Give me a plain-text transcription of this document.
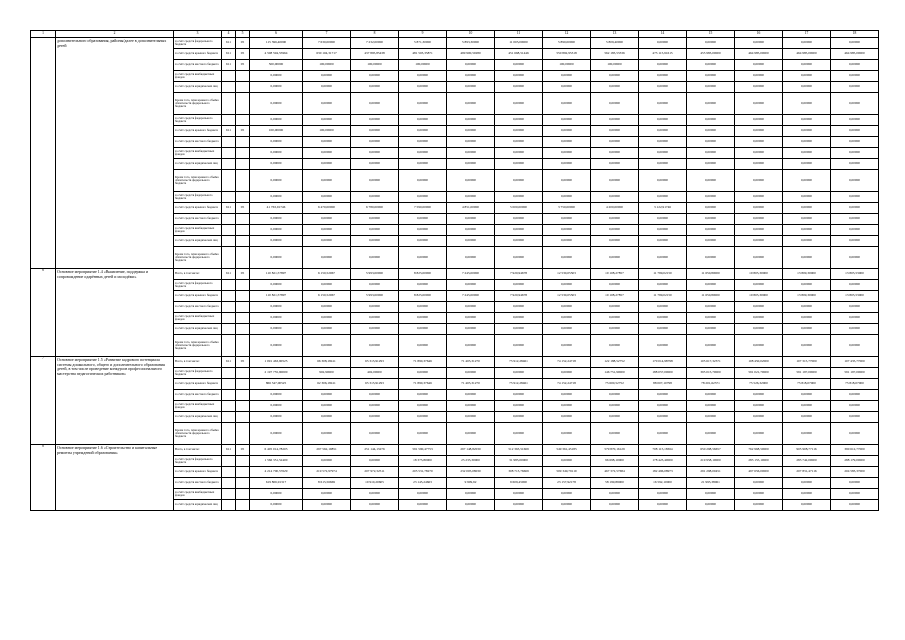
1	2	3	4	5	6	7	8	9	10	11	12	13	14	15	16	17	18
	дополнительного образования, районы/далее в дополнительных детей	за счёт средств федерального бюджета	611	05	115 396,40000	7 630,00000	7 232,00000	5 871,30000	5 893,30000	11 003,00000	5 890,00000	5 809,40000	0,00000	0,00000	0,00000	0,00000	0,00000
		за счёт средств краевого бюджета	611	05	4 508 594,55964	630 104,31717	437 895,85438	481 503,35871	499 900,50280	451 668,51446	550 892,95318	562 183,53336	473 115,91615	455 983,00000	464 985,00000	464 985,00000	464 985,00000
		за счёт средств местного бюджета	611	05	500,00000	100,00000	100,00000	100,00000	0,00000	0,00000	100,00000	100,00000	0,00000	0,00000	0,00000	0,00000	0,00000
		за счёт средств внебюджетных фондов			0,00000	0,00000	0,00000	0,00000	0,00000	0,00000	0,00000	0,00000	0,00000	0,00000	0,00000	0,00000	0,00000
		за счёт средств юридических лиц			0,00000	0,00000	0,00000	0,00000	0,00000	0,00000	0,00000	0,00000	0,00000	0,00000	0,00000	0,00000	0,00000
		Кроме того, план краевого объёма обязательств федерального бюджета			0,00000	0,00000	0,00000	0,00000	0,00000	0,00000	0,00000	0,00000	0,00000	0,00000	0,00000	0,00000	0,00000
		за счёт средств федерального бюджета			0,00000	0,00000	0,00000	0,00000	0,00000	0,00000	0,00000	0,00000	0,00000	0,00000	0,00000	0,00000	0,00000
		за счёт средств краевого бюджета	611	05	100,00000	100,00000	0,00000	0,00000	0,00000	0,00000	0,00000	0,00000	0,00000	0,00000	0,00000	0,00000	0,00000
		за счёт средств местного бюджета			0,00000	0,00000	0,00000	0,00000	0,00000	0,00000	0,00000	0,00000	0,00000	0,00000	0,00000	0,00000	0,00000
		за счёт средств внебюджетных фондов			0,00000	0,00000	0,00000	0,00000	0,00000	0,00000	0,00000	0,00000	0,00000	0,00000	0,00000	0,00000	0,00000
		за счёт средств юридических лиц			0,00000	0,00000	0,00000	0,00000	0,00000	0,00000	0,00000	0,00000	0,00000	0,00000	0,00000	0,00000	0,00000
		Кроме того, план краевого объёма обязательств федерального бюджета			0,00000	0,00000	0,00000	0,00000	0,00000	0,00000	0,00000	0,00000	0,00000	0,00000	0,00000	0,00000	0,00000
		за счёт средств федерального бюджета			0,00000	0,00000	0,00000	0,00000	0,00000	0,00000	0,00000	0,00000	0,00000	0,00000	0,00000	0,00000	0,00000
		за счёт средств краевого бюджета	611	05	41 763,91746	6 470,00000	6 780,00000	7 590,00000	4 851,00000	5 000,00000	3 750,00000	4 200,00000	3 122,91746	0,00000	0,00000	0,00000	0,00000
		за счёт средств местного бюджета			0,00000	0,00000	0,00000	0,00000	0,00000	0,00000	0,00000	0,00000	0,00000	0,00000	0,00000	0,00000	0,00000
		за счёт средств внебюджетных фондов			0,00000	0,00000	0,00000	0,00000	0,00000	0,00000	0,00000	0,00000	0,00000	0,00000	0,00000	0,00000	0,00000
		за счёт средств юридических лиц			0,00000	0,00000	0,00000	0,00000	0,00000	0,00000	0,00000	0,00000	0,00000	0,00000	0,00000	0,00000	0,00000
		Кроме того, план краевого объёма обязательств федерального бюджета			0,00000	0,00000	0,00000	0,00000	0,00000	0,00000	0,00000	0,00000	0,00000	0,00000	0,00000	0,00000	0,00000
6	Основное мероприятие 1.4 «Выявление, поддержка и сопровождение одарённых детей и молодёжи»	Всего, в том числе:	611	05	110 821,57897	6 150,52067	5 993,00000	8 825,00000	7 245,00000	7 920,94678	12 530,05503	10 108,27857	11 799,02150	11 650,80000	10 803,30000	13 809,30000	13 803,53000
		за счёт средств федерального бюджета			0,00000	0,00000	0,00000	0,00000	0,00000	0,00000	0,00000	0,00000	0,00000	0,00000	0,00000	0,00000	0,00000
		за счёт средств краевого бюджета			110 821,57897	6 150,52067	5 993,00000	8 825,00000	7 245,00000	7 920,94678	12 530,05503	10 108,27857	11 799,02150	11 650,80000	10 803,30000	13 809,30000	13 803,53000
		за счёт средств местного бюджета			0,00000	0,00000	0,00000	0,00000	0,00000	0,00000	0,00000	0,00000	0,00000	0,00000	0,00000	0,00000	0,00000
		за счёт средств внебюджетных фондов			0,00000	0,00000	0,00000	0,00000	0,00000	0,00000	0,00000	0,00000	0,00000	0,00000	0,00000	0,00000	0,00000
		за счёт средств юридических лиц			0,00000	0,00000	0,00000	0,00000	0,00000	0,00000	0,00000	0,00000	0,00000	0,00000	0,00000	0,00000	0,00000
		Кроме того, план краевого объёма обязательств федерального бюджета			0,00000	0,00000	0,00000	0,00000	0,00000	0,00000	0,00000	0,00000	0,00000	0,00000	0,00000	0,00000	0,00000
7	Основное мероприятие 1.5 «Развитие кадрового потенциала системы дошкольного, общего и дополнительного образования детей, в том числе проведение конкурсов профессионального мастерства педагогических работников»	Всего, в том числе:	611	05	1 091 463,90525	66 308,18411	65 313,91293	71 890,37646	71 403,31270	75 912,28461	74 152,24718	122 188,52752	170 014,98798	105 617,32371	108 450,02000	107 315,77000	107 435,77000
		за счёт средств федерального бюджета			2 197 755,90000	902,90000	402,00000	0,00000	0,00000	0,00000	0,00000	146 751,90000	188 057,00000	395 015,70000	591 021,70000	591 197,00000	591 197,00000
		за счёт средств краевого бюджета			866 347,00525	62 306,18411	65 313,91293	71 890,37646	71 403,31270	75 912,28461	74 152,24718	75 600,52752	88 007,10798	78 201,62371	75 526,32000	75 818,07000	75 818,07000
		за счёт средств местного бюджета			0,00000	0,00000	0,00000	0,00000	0,00000	0,00000	0,00000	0,00000	0,00000	0,00000	0,00000	0,00000	0,00000
		за счёт средств внебюджетных фондов			0,00000	0,00000	0,00000	0,00000	0,00000	0,00000	0,00000	0,00000	0,00000	0,00000	0,00000	0,00000	0,00000
		за счёт средств юридических лиц			0,00000	0,00000	0,00000	0,00000	0,00000	0,00000	0,00000	0,00000	0,00000	0,00000	0,00000	0,00000	0,00000
		Кроме того, план краевого объёма обязательств федерального бюджета			0,00000	0,00000	0,00000	0,00000	0,00000	0,00000	0,00000	0,00000	0,00000	0,00000	0,00000	0,00000	0,00000
8	Основное мероприятие 1.6 «Строительство и капитальные ремонты учреждений образования»	Всего, в том числе:	611	05	6 405 014,78203	297 562,19851	251 144,13276	591 590,47753	297 148,82030	512 363,51669	549 361,45185	579 870,16129	708 115,18364	650 298,56657	762 968,50000	905 908,77116	390 612,77000
		за счёт средств федерального бюджета			1 566 351,52400	0,00000	0,00000	18 373,80000	25 233,30000	31 983,00000	0,00000	96 698,10000	178 423,40000	219 958,10000	283 155,10000	283 742,00000	288 179,00000
		за счёт средств краевого бюджета			4 214 700,57629	219 572,97974	207 972,32511	205 531,78270	232 005,08030	308 713,76669	509 349,79119	467 372,57684	182 496,08973	291 298,00451	497 656,00000	207 831,47116	204 583,37000
		за счёт средств местного бюджета			619 806,91317	8 615,56669	10 910,20605	23 145,24663	9 909,92	9 609,45000	23 157,92178	58 199,89000	16 592,10000	21 993,38061	0,00000	0,00000	0,00000
		за счёт средств внебюджетных фондов			0,00000	0,00000	0,00000	0,00000	0,00000	0,00000	0,00000	0,00000	0,00000	0,00000	0,00000	0,00000	0,00000
		за счёт средств юридических лиц			0,00000	0,00000	0,00000	0,00000	0,00000	0,00000	0,00000	0,00000	0,00000	0,00000	0,00000	0,00000	0,00000
